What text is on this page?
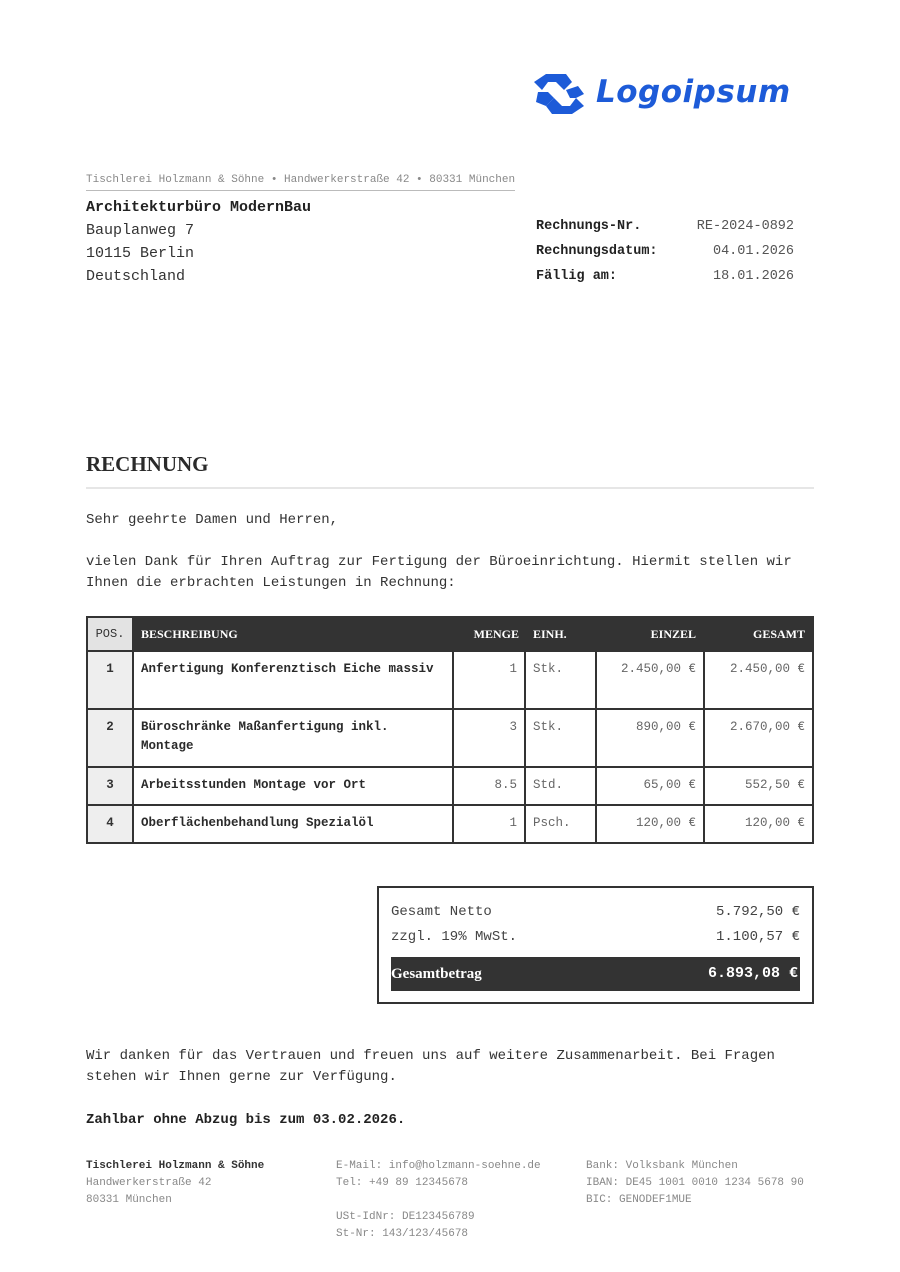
Logoipsum
Tischlerei Holzmann & Söhne • Handwerkerstraße 42 • 80331 München
Architekturbüro ModernBau
Bauplanweg 7
10115 Berlin
Deutschland
Rechnungs-Nr.	RE-2024-0892
Rechnungsdatum:	04.01.2026
Fällig am:	18.01.2026
RECHNUNG
Sehr geehrte Damen und Herren,
vielen Dank für Ihren Auftrag zur Fertigung der Büroeinrichtung. Hiermit stellen wir Ihnen die erbrachten Leistungen in Rechnung:
POS.	BESCHREIBUNG	MENGE	EINH.	EINZEL	GESAMT
1	Anfertigung Konferenztisch Eiche massiv	1	Stk.	2.450,00 €	2.450,00 €
2	Büroschränke Maßanfertigung inkl. Montage	3	Stk.	890,00 €	2.670,00 €
3	Arbeitsstunden Montage vor Ort	8.5	Std.	65,00 €	552,50 €
4	Oberflächenbehandlung Spezialöl	1	Psch.	120,00 €	120,00 €
Gesamt Netto	5.792,50 €
zzgl. 19% MwSt.	1.100,57 €
Gesamtbetrag	6.893,08 €
Wir danken für das Vertrauen und freuen uns auf weitere Zusammenarbeit. Bei Fragen stehen wir Ihnen gerne zur Verfügung.
Zahlbar ohne Abzug bis zum 03.02.2026.
Tischlerei Holzmann & Söhne
Handwerkerstraße 42
80331 München
E-Mail: info@holzmann-soehne.de
Tel: +49 89 12345678
USt-IdNr: DE123456789
St-Nr: 143/123/45678
Bank: Volksbank München
IBAN: DE45 1001 0010 1234 5678 90
BIC: GENODEF1MUE
